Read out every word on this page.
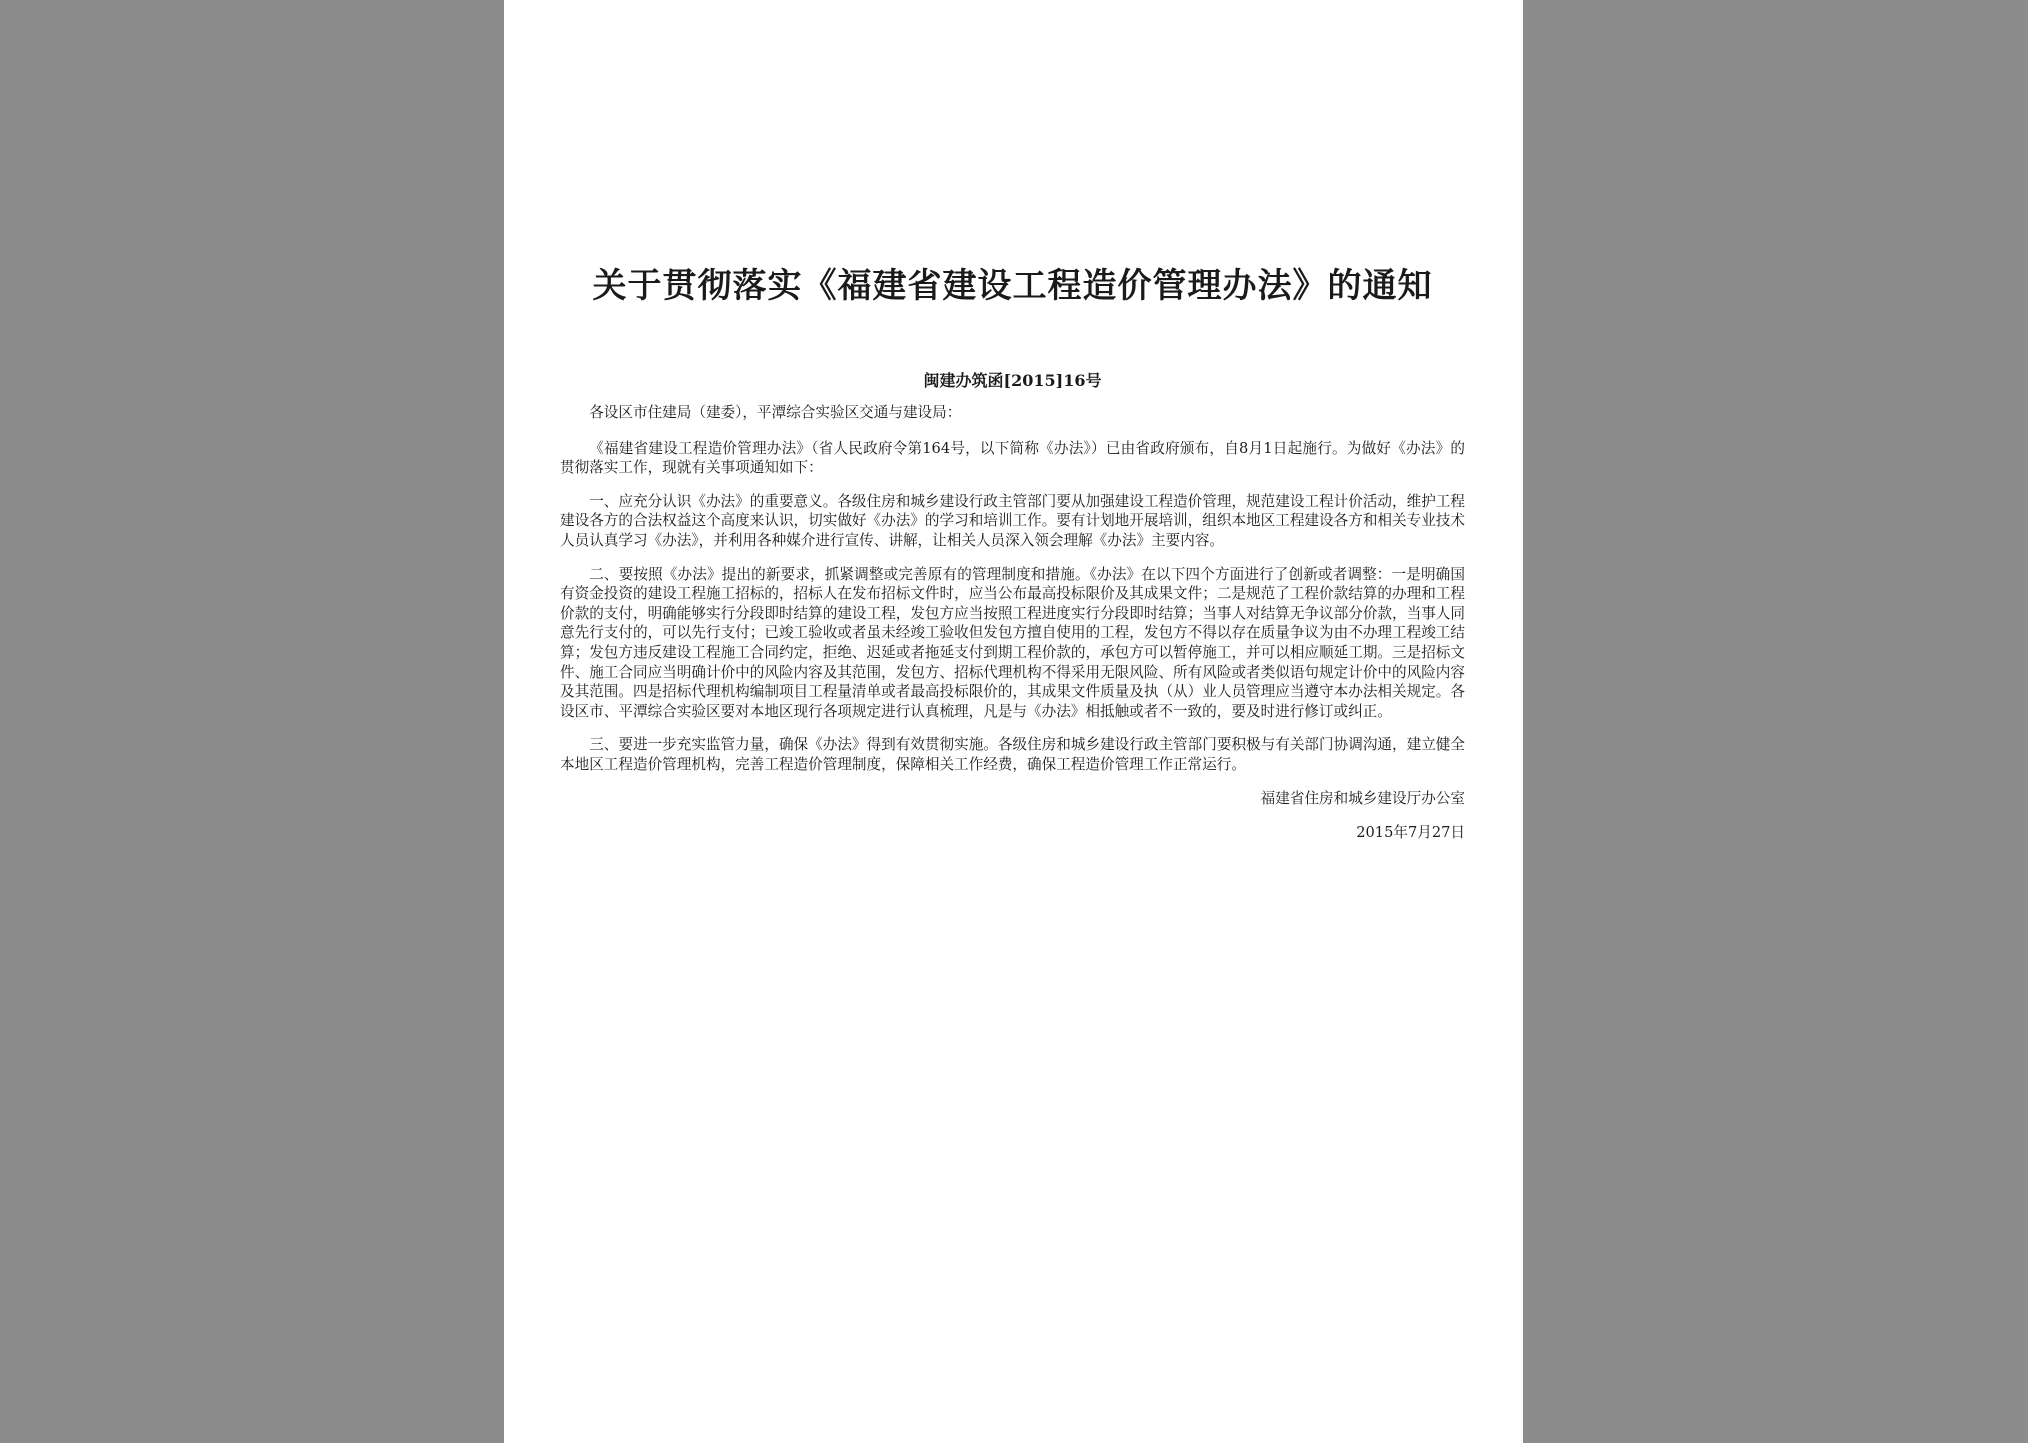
关于贯彻落实《福建省建设工程造价管理办法》的通知
闽建办筑函[2015]16号

各设区市住建局（建委），平潭综合实验区交通与建设局：

《福建省建设工程造价管理办法》（省人民政府令第164号，以下简称《办法》）已由省政府颁布，自8月1日起施行。为做好《办法》的贯彻落实工作，现就有关事项通知如下：

一、应充分认识《办法》的重要意义。各级住房和城乡建设行政主管部门要从加强建设工程造价管理，规范建设工程计价活动，维护工程建设各方的合法权益这个高度来认识，切实做好《办法》的学习和培训工作。要有计划地开展培训，组织本地区工程建设各方和相关专业技术人员认真学习《办法》，并利用各种媒介进行宣传、讲解，让相关人员深入领会理解《办法》主要内容。

二、要按照《办法》提出的新要求，抓紧调整或完善原有的管理制度和措施。《办法》在以下四个方面进行了创新或者调整：一是明确国有资金投资的建设工程施工招标的，招标人在发布招标文件时，应当公布最高投标限价及其成果文件；二是规范了工程价款结算的办理和工程价款的支付，明确能够实行分段即时结算的建设工程，发包方应当按照工程进度实行分段即时结算；当事人对结算无争议部分价款，当事人同意先行支付的，可以先行支付；已竣工验收或者虽未经竣工验收但发包方擅自使用的工程，发包方不得以存在质量争议为由不办理工程竣工结算；发包方违反建设工程施工合同约定，拒绝、迟延或者拖延支付到期工程价款的，承包方可以暂停施工，并可以相应顺延工期。三是招标文件、施工合同应当明确计价中的风险内容及其范围，发包方、招标代理机构不得采用无限风险、所有风险或者类似语句规定计价中的风险内容及其范围。四是招标代理机构编制项目工程量清单或者最高投标限价的，其成果文件质量及执（从）业人员管理应当遵守本办法相关规定。各设区市、平潭综合实验区要对本地区现行各项规定进行认真梳理，凡是与《办法》相抵触或者不一致的，要及时进行修订或纠正。

三、要进一步充实监管力量，确保《办法》得到有效贯彻实施。各级住房和城乡建设行政主管部门要积极与有关部门协调沟通，建立健全本地区工程造价管理机构，完善工程造价管理制度，保障相关工作经费，确保工程造价管理工作正常运行。

福建省住房和城乡建设厅办公室

2015年7月27日
